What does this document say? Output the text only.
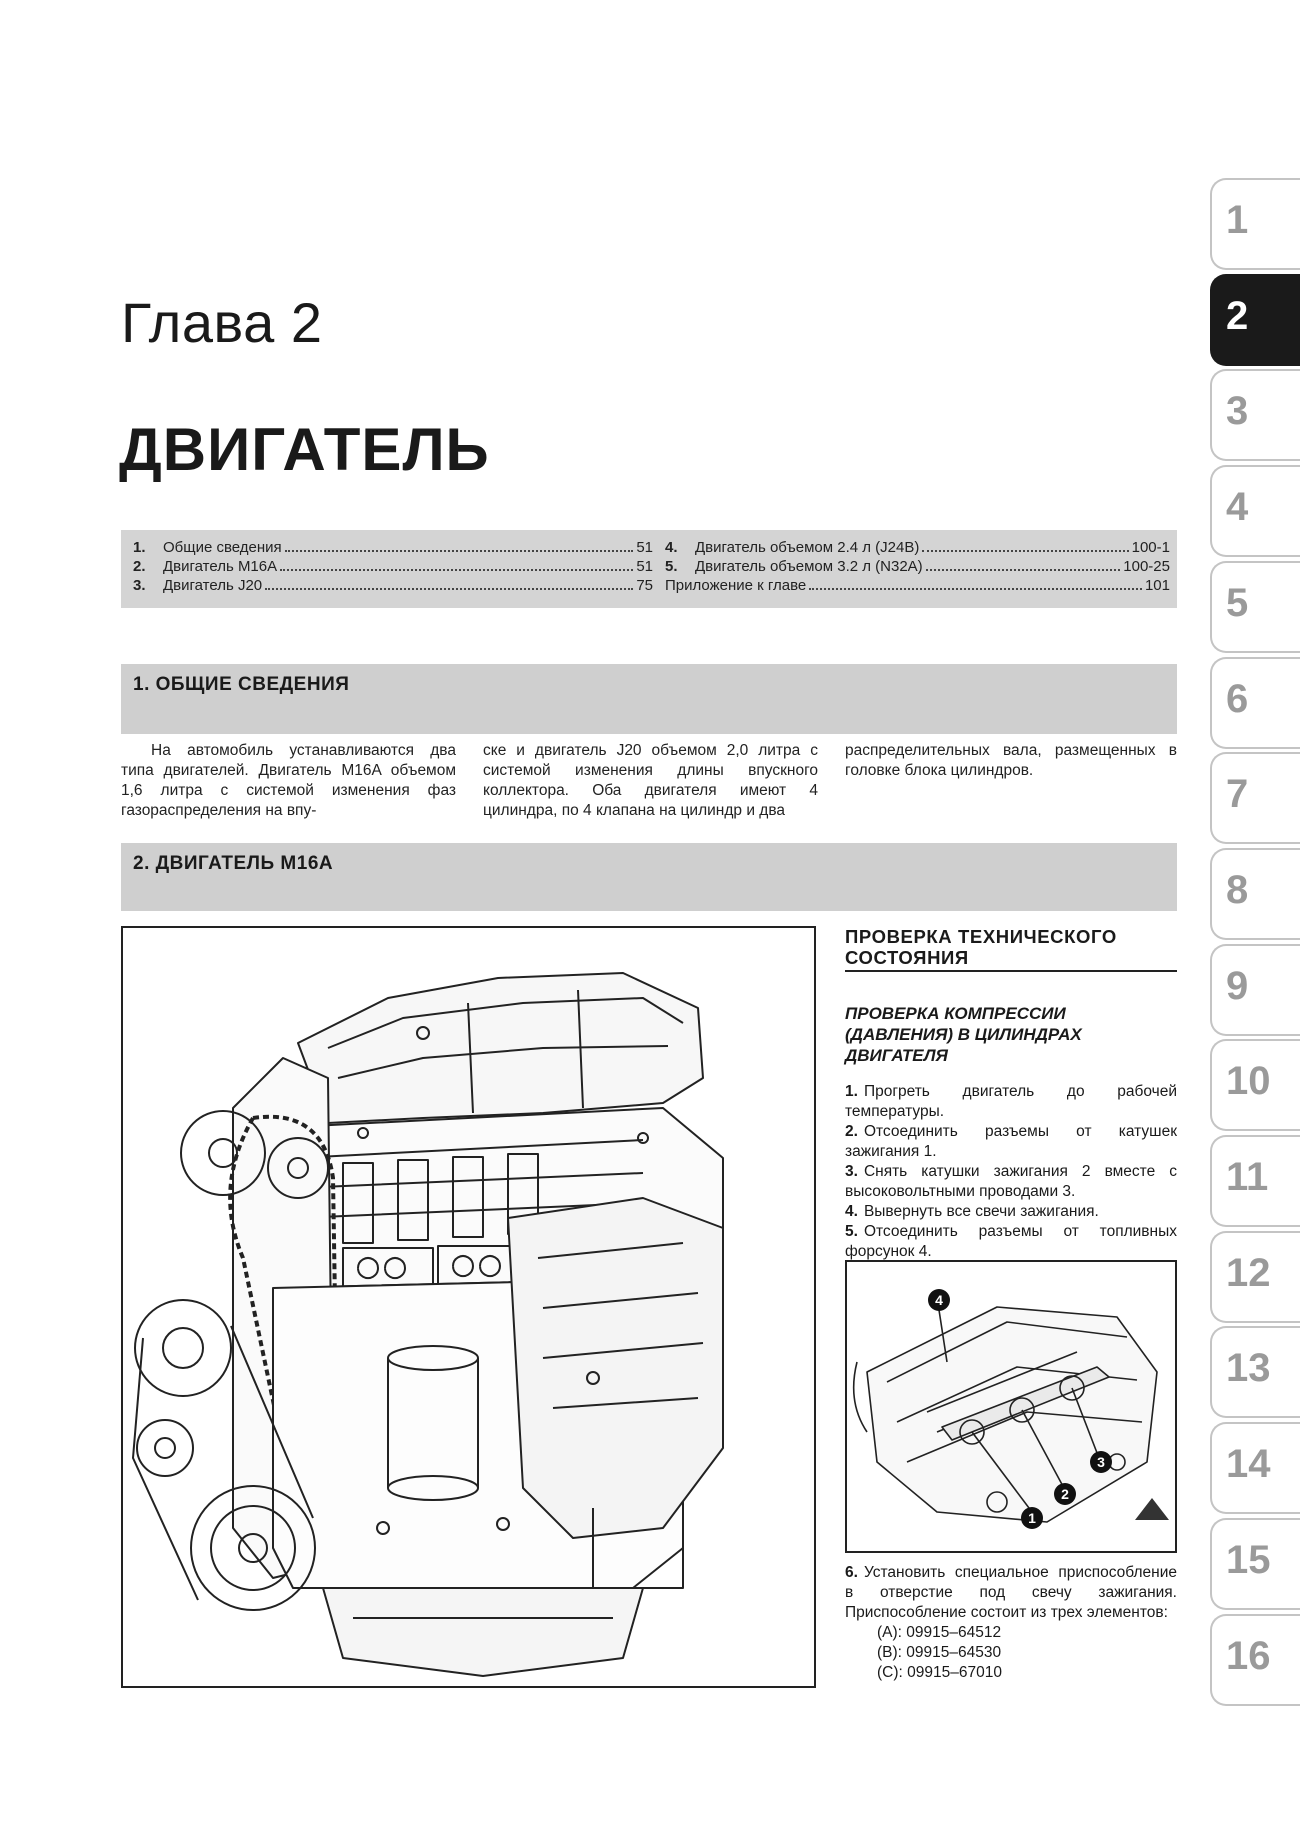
Глава 2
ДВИГАТЕЛЬ
1.	Общие сведения	51
2.	Двигатель M16A	51
3.	Двигатель J20	75
4.	Двигатель объемом 2.4 л (J24B)	100-1
5.	Двигатель объемом 3.2 л (N32A)	100-25
Приложение к главе	101
1. ОБЩИЕ СВЕДЕНИЯ
На автомобиль устанавливаются два типа двигателей. Двигатель M16A объемом 1,6 литра с системой изменения фаз газораспределения на впу-
ске и двигатель J20 объемом 2,0 литра с системой изменения длины впускного коллектора. Оба двигателя имеют 4 цилиндра, по 4 клапана на цилиндр и два
распределительных вала, размещенных в головке блока цилиндров.
2. ДВИГАТЕЛЬ M16A
ПРОВЕРКА ТЕХНИЧЕСКОГО СОСТОЯНИЯ
ПРОВЕРКА КОМПРЕССИИ (ДАВЛЕНИЯ) В ЦИЛИНДРАХ ДВИГАТЕЛЯ
1. Прогреть двигатель до рабочей температуры.
2. Отсоединить разъемы от катушек зажигания 1.
3. Снять катушки зажигания 2 вместе с высоковольтными проводами 3.
4. Вывернуть все свечи зажигания.
5. Отсоединить разъемы от топливных форсунок 4.
1
2
3
4
6. Установить специальное приспособление в отверстие под свечу зажигания. Приспособление состоит из трех элементов:
(A): 09915–64512
(B): 09915–64530
(C): 09915–67010
1
2
3
4
5
6
7
8
9
10
11
12
13
14
15
16
